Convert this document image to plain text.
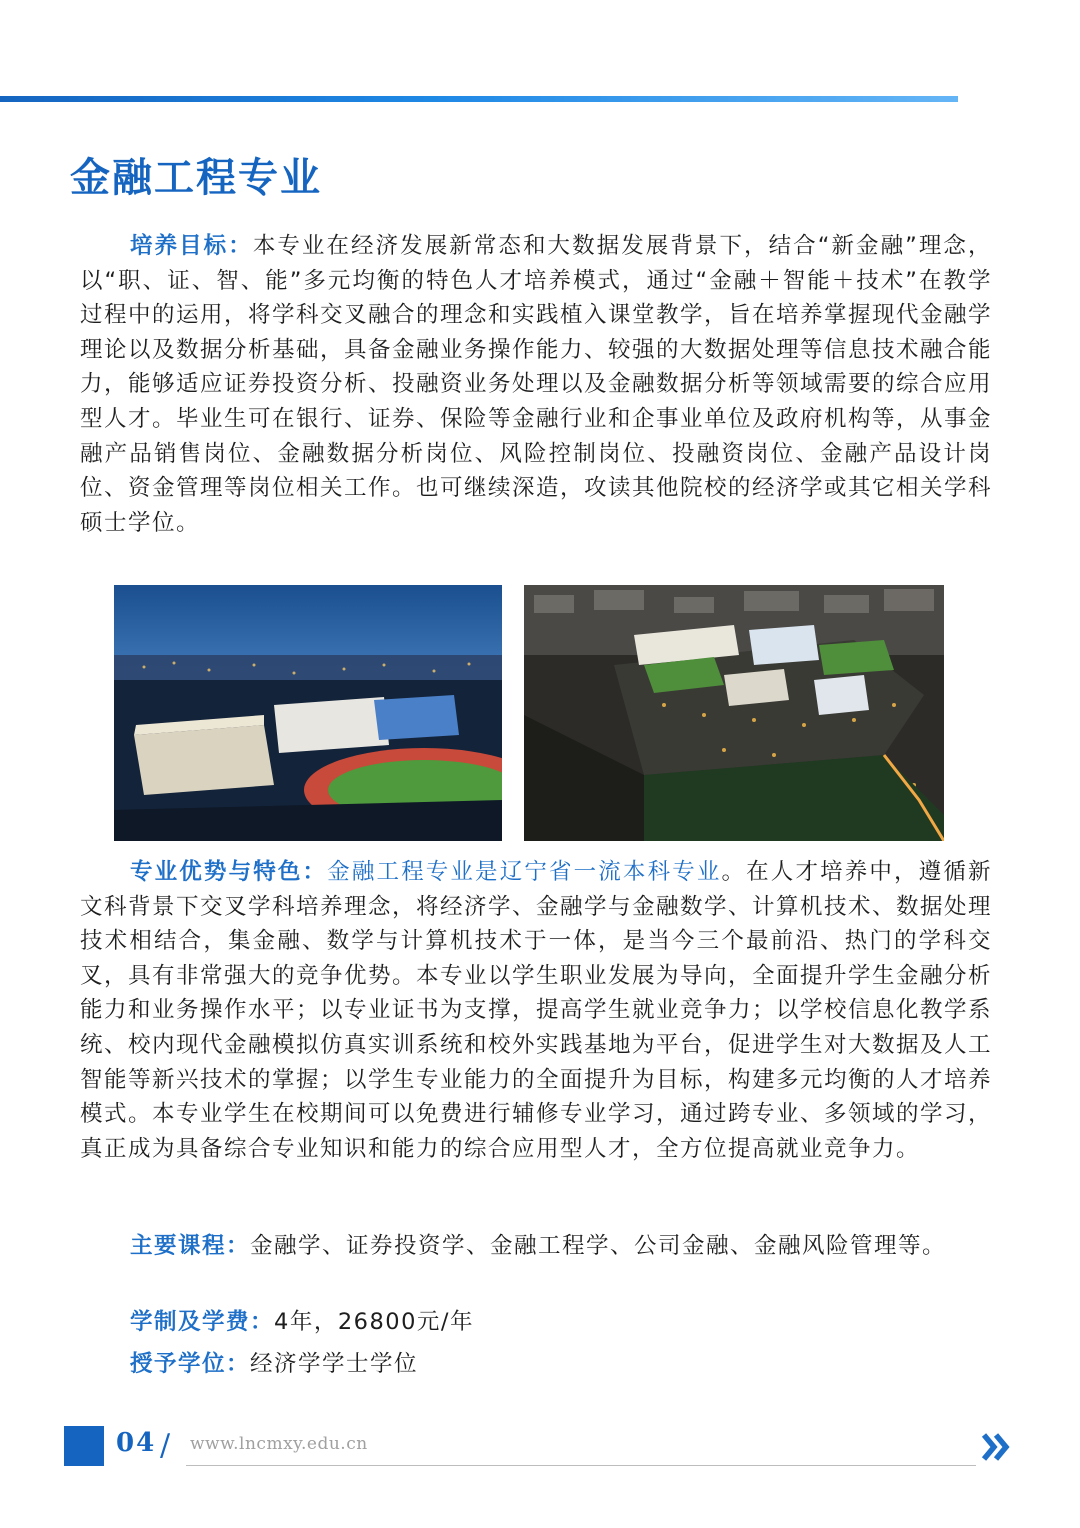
金融工程专业

培养目标：本专业在经济发展新常态和大数据发展背景下，结合“新金融”理念，以“职、证、智、能”多元均衡的特色人才培养模式，通过“金融＋智能＋技术”在教学过程中的运用，将学科交叉融合的理念和实践植入课堂教学，旨在培养掌握现代金融学理论以及数据分析基础，具备金融业务操作能力、较强的大数据处理等信息技术融合能力，能够适应证券投资分析、投融资业务处理以及金融数据分析等领域需要的综合应用型人才。毕业生可在银行、证券、保险等金融行业和企事业单位及政府机构等，从事金融产品销售岗位、金融数据分析岗位、风险控制岗位、投融资岗位、金融产品设计岗位、资金管理等岗位相关工作。也可继续深造，攻读其他院校的经济学或其它相关学科硕士学位。

专业优势与特色：金融工程专业是辽宁省一流本科专业。在人才培养中，遵循新文科背景下交叉学科培养理念，将经济学、金融学与金融数学、计算机技术、数据处理技术相结合，集金融、数学与计算机技术于一体，是当今三个最前沿、热门的学科交叉，具有非常强大的竞争优势。本专业以学生职业发展为导向，全面提升学生金融分析能力和业务操作水平；以专业证书为支撑，提高学生就业竞争力；以学校信息化教学系统、校内现代金融模拟仿真实训系统和校外实践基地为平台，促进学生对大数据及人工智能等新兴技术的掌握；以学生专业能力的全面提升为目标，构建多元均衡的人才培养模式。本专业学生在校期间可以免费进行辅修专业学习，通过跨专业、多领域的学习，真正成为具备综合专业知识和能力的综合应用型人才，全方位提高就业竞争力。

主要课程：金融学、证券投资学、金融工程学、公司金融、金融风险管理等。

学制及学费：4年，26800元/年

授予学位：经济学学士学位

04 / www.lncmxy.edu.cn
